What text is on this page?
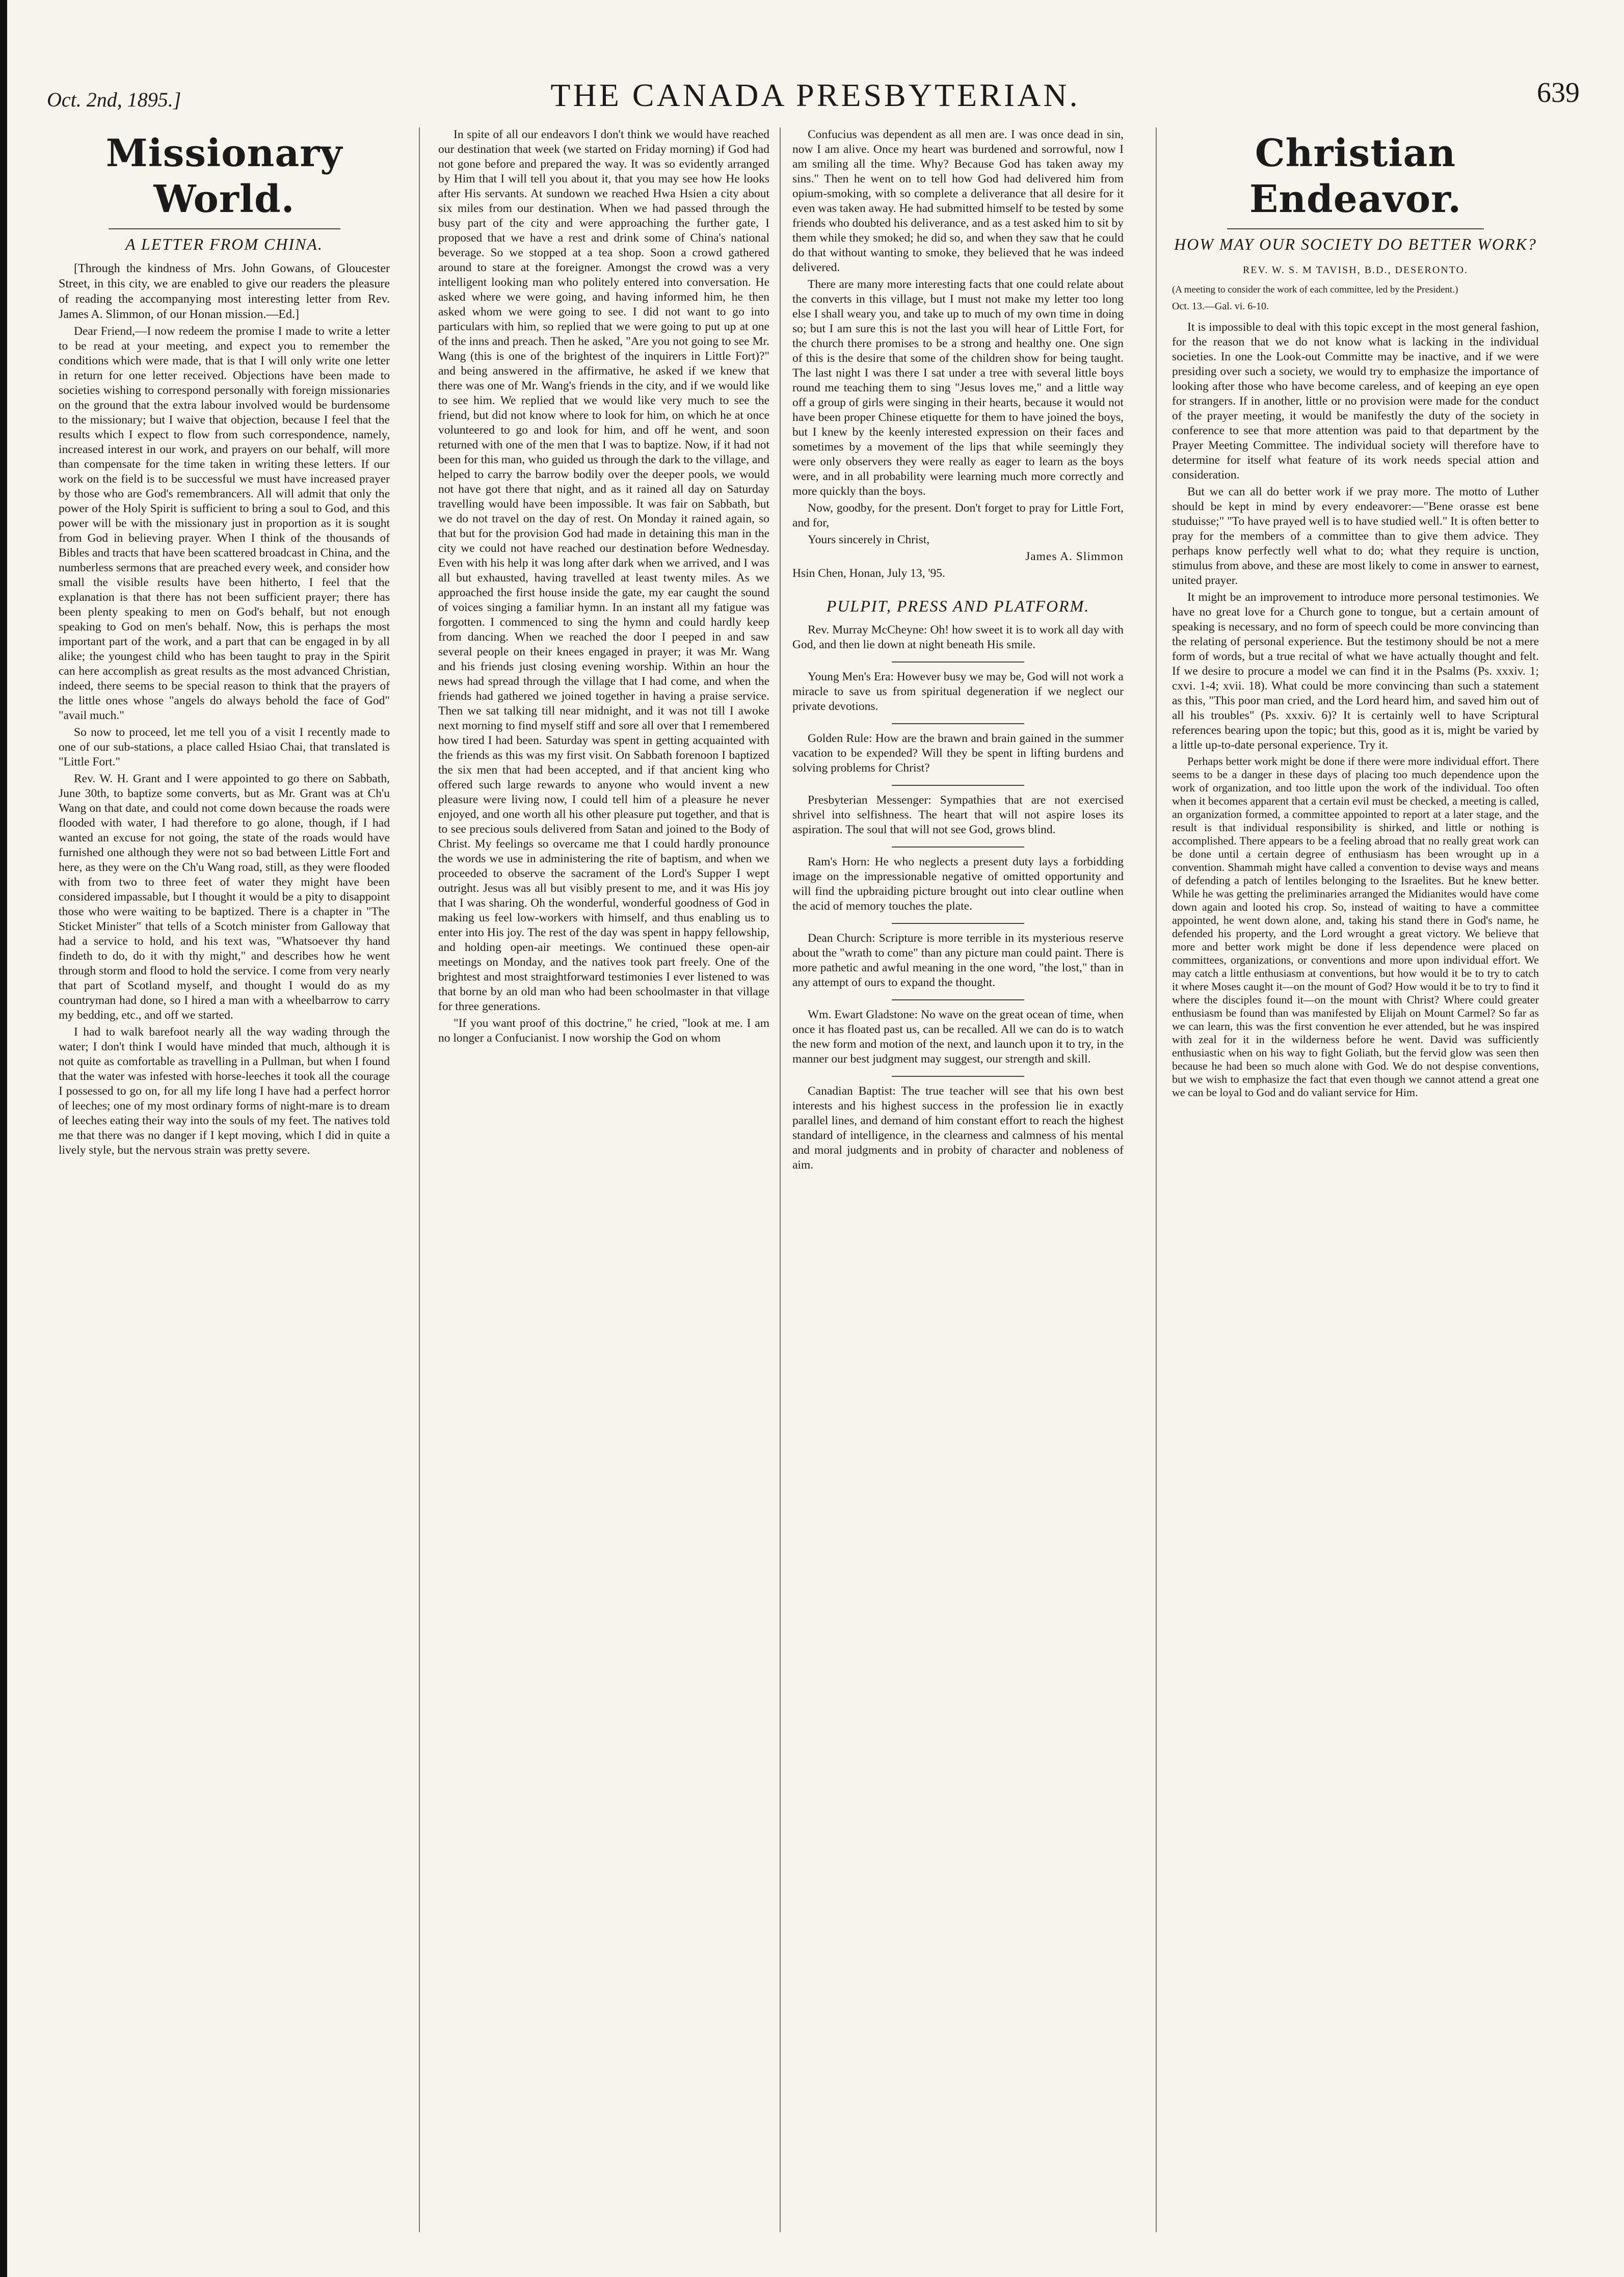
Oct. 2nd, 1895.]	THE CANADA PRESBYTERIAN.	639
Missionary World.
A LETTER FROM CHINA.

[Through the kindness of Mrs. John Gowans, of Gloucester Street, in this city, we are enabled to give our readers the pleasure of reading the accompanying most interesting letter from Rev. James A. Slimmon, of our Honan mission.—Ed.]

Dear Friend,—I now redeem the promise I made to write a letter to be read at your meeting, and expect you to remember the conditions which were made, that is that I will only write one letter in return for one letter received. Objections have been made to societies wishing to correspond personally with foreign missionaries on the ground that the extra labour involved would be burdensome to the missionary; but I waive that objection, because I feel that the results which I expect to flow from such correspondence, namely, increased interest in our work, and prayers on our behalf, will more than compensate for the time taken in writing these letters. If our work on the field is to be successful we must have increased prayer by those who are God's remembrancers. All will admit that only the power of the Holy Spirit is sufficient to bring a soul to God, and this power will be with the missionary just in proportion as it is sought from God in believing prayer. When I think of the thousands of Bibles and tracts that have been scattered broadcast in China, and the numberless sermons that are preached every week, and consider how small the visible results have been hitherto, I feel that the explanation is that there has not been sufficient prayer; there has been plenty speaking to men on God's behalf, but not enough speaking to God on men's behalf. Now, this is perhaps the most important part of the work, and a part that can be engaged in by all alike; the youngest child who has been taught to pray in the Spirit can here accomplish as great results as the most advanced Christian, indeed, there seems to be special reason to think that the prayers of the little ones whose "angels do always behold the face of God" "avail much."

So now to proceed, let me tell you of a visit I recently made to one of our sub-stations, a place called Hsiao Chai, that translated is "Little Fort."

Rev. W. H. Grant and I were appointed to go there on Sabbath, June 30th, to baptize some converts, but as Mr. Grant was at Ch'u Wang on that date, and could not come down because the roads were flooded with water, I had therefore to go alone, though, if I had wanted an excuse for not going, the state of the roads would have furnished one although they were not so bad between Little Fort and here, as they were on the Ch'u Wang road, still, as they were flooded with from two to three feet of water they might have been considered impassable, but I thought it would be a pity to disappoint those who were waiting to be baptized. There is a chapter in "The Sticket Minister" that tells of a Scotch minister from Galloway that had a service to hold, and his text was, "Whatsoever thy hand findeth to do, do it with thy might," and describes how he went through storm and flood to hold the service. I come from very nearly that part of Scotland myself, and thought I would do as my countryman had done, so I hired a man with a wheelbarrow to carry my bedding, etc., and off we started.

I had to walk barefoot nearly all the way wading through the water; I don't think I would have minded that much, although it is not quite as comfortable as travelling in a Pullman, but when I found that the water was infested with horse-leeches it took all the courage I possessed to go on, for all my life long I have had a perfect horror of leeches; one of my most ordinary forms of night-mare is to dream of leeches eating their way into the souls of my feet. The natives told me that there was no danger if I kept moving, which I did in quite a lively style, but the nervous strain was pretty severe.

In spite of all our endeavors I don't think we would have reached our destination that week (we started on Friday morning) if God had not gone before and prepared the way. It was so evidently arranged by Him that I will tell you about it, that you may see how He looks after His servants. At sundown we reached Hwa Hsien a city about six miles from our destination. When we had passed through the busy part of the city and were approaching the further gate, I proposed that we have a rest and drink some of China's national beverage. So we stopped at a tea shop. Soon a crowd gathered around to stare at the foreigner. Amongst the crowd was a very intelligent looking man who politely entered into conversation. He asked where we were going, and having informed him, he then asked whom we were going to see. I did not want to go into particulars with him, so replied that we were going to put up at one of the inns and preach. Then he asked, "Are you not going to see Mr. Wang (this is one of the brightest of the inquirers in Little Fort)?" and being answered in the affirmative, he asked if we knew that there was one of Mr. Wang's friends in the city, and if we would like to see him. We replied that we would like very much to see the friend, but did not know where to look for him, on which he at once volunteered to go and look for him, and off he went, and soon returned with one of the men that I was to baptize. Now, if it had not been for this man, who guided us through the dark to the village, and helped to carry the barrow bodily over the deeper pools, we would not have got there that night, and as it rained all day on Saturday travelling would have been impossible. It was fair on Sabbath, but we do not travel on the day of rest. On Monday it rained again, so that but for the provision God had made in detaining this man in the city we could not have reached our destination before Wednesday. Even with his help it was long after dark when we arrived, and I was all but exhausted, having travelled at least twenty miles. As we approached the first house inside the gate, my ear caught the sound of voices singing a familiar hymn. In an instant all my fatigue was forgotten. I commenced to sing the hymn and could hardly keep from dancing. When we reached the door I peeped in and saw several people on their knees engaged in prayer; it was Mr. Wang and his friends just closing evening worship. Within an hour the news had spread through the village that I had come, and when the friends had gathered we joined together in having a praise service. Then we sat talking till near midnight, and it was not till I awoke next morning to find myself stiff and sore all over that I remembered how tired I had been. Saturday was spent in getting acquainted with the friends as this was my first visit. On Sabbath forenoon I baptized the six men that had been accepted, and if that ancient king who offered such large rewards to anyone who would invent a new pleasure were living now, I could tell him of a pleasure he never enjoyed, and one worth all his other pleasure put together, and that is to see precious souls delivered from Satan and joined to the Body of Christ. My feelings so overcame me that I could hardly pronounce the words we use in administering the rite of baptism, and when we proceeded to observe the sacrament of the Lord's Supper I wept outright. Jesus was all but visibly present to me, and it was His joy that I was sharing. Oh the wonderful, wonderful goodness of God in making us feel low-workers with himself, and thus enabling us to enter into His joy. The rest of the day was spent in happy fellowship, and holding open-air meetings. We continued these open-air meetings on Monday, and the natives took part freely. One of the brightest and most straightforward testimonies I ever listened to was that borne by an old man who had been schoolmaster in that village for three generations.

"If you want proof of this doctrine," he cried, "look at me. I am no longer a Confucianist. I now worship the God on whom

Confucius was dependent as all men are. I was once dead in sin, now I am alive. Once my heart was burdened and sorrowful, now I am smiling all the time. Why? Because God has taken away my sins." Then he went on to tell how God had delivered him from opium-smoking, with so complete a deliverance that all desire for it even was taken away. He had submitted himself to be tested by some friends who doubted his deliverance, and as a test asked him to sit by them while they smoked; he did so, and when they saw that he could do that without wanting to smoke, they believed that he was indeed delivered.

There are many more interesting facts that one could relate about the converts in this village, but I must not make my letter too long else I shall weary you, and take up to much of my own time in doing so; but I am sure this is not the last you will hear of Little Fort, for the church there promises to be a strong and healthy one. One sign of this is the desire that some of the children show for being taught. The last night I was there I sat under a tree with several little boys round me teaching them to sing "Jesus loves me," and a little way off a group of girls were singing in their hearts, because it would not have been proper Chinese etiquette for them to have joined the boys, but I knew by the keenly interested expression on their faces and sometimes by a movement of the lips that while seemingly they were only observers they were really as eager to learn as the boys were, and in all probability were learning much more correctly and more quickly than the boys.

Now, goodby, for the present. Don't forget to pray for Little Fort, and for,

Yours sincerely in Christ,

James A. Slimmon

Hsin Chen, Honan, July 13, '95.

PULPIT, PRESS AND PLATFORM.

Rev. Murray McCheyne: Oh! how sweet it is to work all day with God, and then lie down at night beneath His smile.

Young Men's Era: However busy we may be, God will not work a miracle to save us from spiritual degeneration if we neglect our private devotions.

Golden Rule: How are the brawn and brain gained in the summer vacation to be expended? Will they be spent in lifting burdens and solving problems for Christ?

Presbyterian Messenger: Sympathies that are not exercised shrivel into selfishness. The heart that will not aspire loses its aspiration. The soul that will not see God, grows blind.

Ram's Horn: He who neglects a present duty lays a forbidding image on the impressionable negative of omitted opportunity and will find the upbraiding picture brought out into clear outline when the acid of memory touches the plate.

Dean Church: Scripture is more terrible in its mysterious reserve about the "wrath to come" than any picture man could paint. There is more pathetic and awful meaning in the one word, "the lost," than in any attempt of ours to expand the thought.

Wm. Ewart Gladstone: No wave on the great ocean of time, when once it has floated past us, can be recalled. All we can do is to watch the new form and motion of the next, and launch upon it to try, in the manner our best judgment may suggest, our strength and skill.

Canadian Baptist: The true teacher will see that his own best interests and his highest success in the profession lie in exactly parallel lines, and demand of him constant effort to reach the highest standard of intelligence, in the clearness and calmness of his mental and moral judgments and in probity of character and nobleness of aim.

Christian Endeavor.
HOW MAY OUR SOCIETY DO BETTER WORK?
REV. W. S. M TAVISH, B.D., DESERONTO.
(A meeting to consider the work of each committee, led by the President.)
Oct. 13.—Gal. vi. 6-10.

It is impossible to deal with this topic except in the most general fashion, for the reason that we do not know what is lacking in the individual societies. In one the Look-out Committe may be inactive, and if we were presiding over such a society, we would try to emphasize the importance of looking after those who have become careless, and of keeping an eye open for strangers. If in another, little or no provision were made for the conduct of the prayer meeting, it would be manifestly the duty of the society in conference to see that more attention was paid to that department by the Prayer Meeting Committee. The individual society will therefore have to determine for itself what feature of its work needs special attion and consideration.

But we can all do better work if we pray more. The motto of Luther should be kept in mind by every endeavorer:—"Bene orasse est bene studuisse;" "To have prayed well is to have studied well." It is often better to pray for the members of a committee than to give them advice. They perhaps know perfectly well what to do; what they require is unction, stimulus from above, and these are most likely to come in answer to earnest, united prayer.

It might be an improvement to introduce more personal testimonies. We have no great love for a Church gone to tongue, but a certain amount of speaking is necessary, and no form of speech could be more convincing than the relating of personal experience. But the testimony should be not a mere form of words, but a true recital of what we have actually thought and felt. If we desire to procure a model we can find it in the Psalms (Ps. xxxiv. 1; cxvi. 1-4; xvii. 18). What could be more convincing than such a statement as this, "This poor man cried, and the Lord heard him, and saved him out of all his troubles" (Ps. xxxiv. 6)? It is certainly well to have Scriptural references bearing upon the topic; but this, good as it is, might be varied by a little up-to-date personal experience. Try it.

Perhaps better work might be done if there were more individual effort. There seems to be a danger in these days of placing too much dependence upon the work of organization, and too little upon the work of the individual. Too often when it becomes apparent that a certain evil must be checked, a meeting is called, an organization formed, a committee appointed to report at a later stage, and the result is that individual responsibility is shirked, and little or nothing is accomplished. There appears to be a feeling abroad that no really great work can be done until a certain degree of enthusiasm has been wrought up in a convention. Shammah might have called a convention to devise ways and means of defending a patch of lentiles belonging to the Israelites. But he knew better. While he was getting the preliminaries arranged the Midianites would have come down again and looted his crop. So, instead of waiting to have a committee appointed, he went down alone, and, taking his stand there in God's name, he defended his property, and the Lord wrought a great victory. We believe that more and better work might be done if less dependence were placed on committees, organizations, or conventions and more upon individual effort. We may catch a little enthusiasm at conventions, but how would it be to try to catch it where Moses caught it—on the mount of God? How would it be to try to find it where the disciples found it—on the mount with Christ? Where could greater enthusiasm be found than was manifested by Elijah on Mount Carmel? So far as we can learn, this was the first convention he ever attended, but he was inspired with zeal for it in the wilderness before he went. David was sufficiently enthusiastic when on his way to fight Goliath, but the fervid glow was seen then because he had been so much alone with God. We do not despise conventions, but we wish to emphasize the fact that even though we cannot attend a great one we can be loyal to God and do valiant service for Him.
